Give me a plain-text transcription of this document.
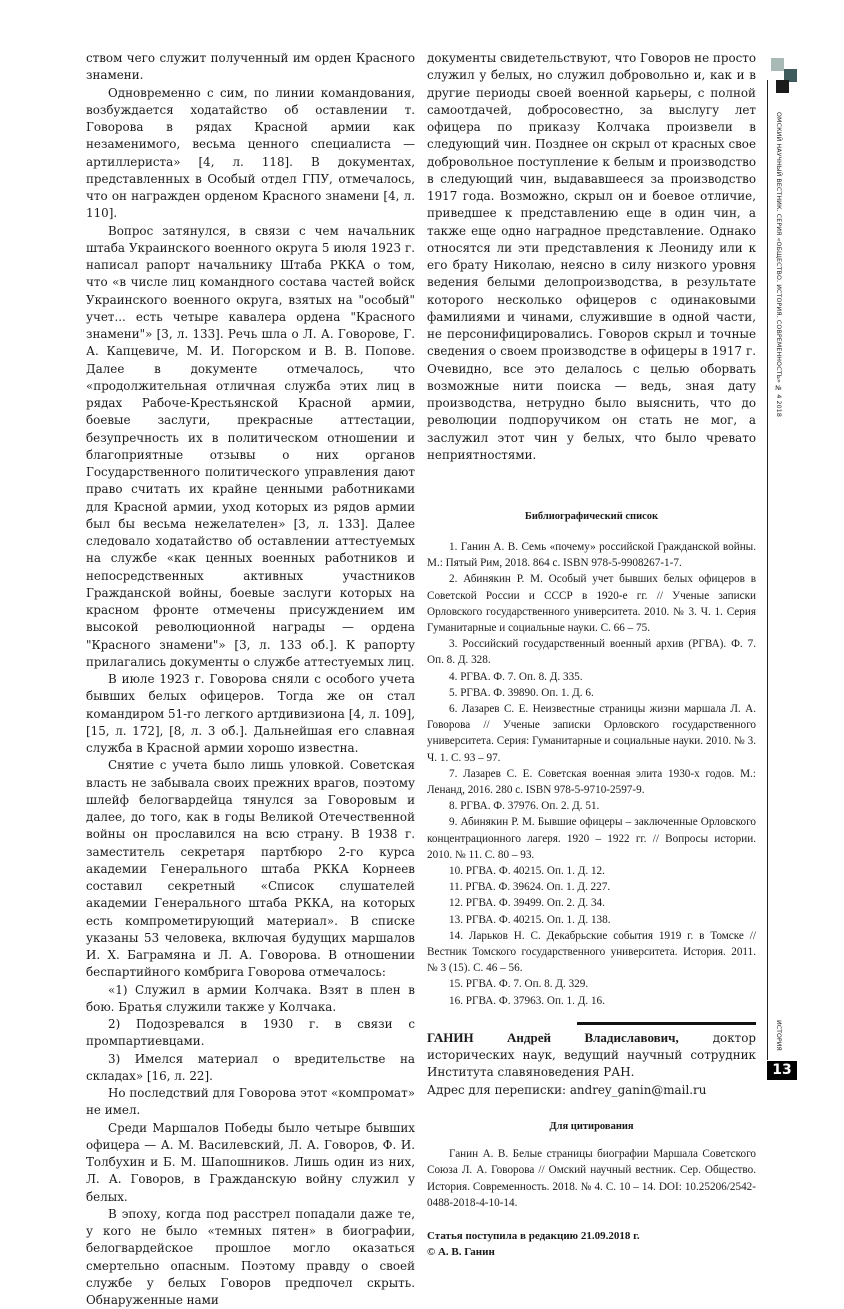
ством чего служит полученный им орден Красного знамени.

Одновременно с сим, по линии командования, возбуждается ходатайство об оставлении т. Говорова в рядах Красной армии как незаменимого, весьма ценного специалиста — артиллериста» [4, л. 118]. В документах, представленных в Особый отдел ГПУ, отмечалось, что он награжден орденом Красного знамени [4, л. 110].

Вопрос затянулся, в связи с чем начальник штаба Украинского военного округа 5 июля 1923 г. написал рапорт начальнику Штаба РККА о том, что «в числе лиц командного состава частей войск Украинского военного округа, взятых на "особый" учет... есть четыре кавалера ордена "Красного знамени"» [3, л. 133]. Речь шла о Л. А. Говорове, Г. А. Капцевиче, М. И. Погорском и В. В. Попове. Далее в документе отмечалось, что «продолжительная отличная служба этих лиц в рядах Рабоче-Крестьянской Красной армии, боевые заслуги, прекрасные аттестации, безупречность их в политическом отношении и благоприятные отзывы о них органов Государственного политического управления дают право считать их крайне ценными работниками для Красной армии, уход которых из рядов армии был бы весьма нежелателен» [3, л. 133]. Далее следовало ходатайство об оставлении аттестуемых на службе «как ценных военных работников и непосредственных активных участников Гражданской войны, боевые заслуги которых на красном фронте отмечены присуждением им высокой революционной награды — ордена "Красного знамени"» [3, л. 133 об.]. К рапорту прилагались документы о службе аттестуемых лиц.

В июле 1923 г. Говорова сняли с особого учета бывших белых офицеров. Тогда же он стал командиром 51-го легкого артдивизиона [4, л. 109], [15, л. 172], [8, л. 3 об.]. Дальнейшая его славная служба в Красной армии хорошо известна.

Снятие с учета было лишь уловкой. Советская власть не забывала своих прежних врагов, поэтому шлейф белогвардейца тянулся за Говоровым и далее, до того, как в годы Великой Отечественной войны он прославился на всю страну. В 1938 г. заместитель секретаря партбюро 2-го курса академии Генерального штаба РККА Корнеев составил секретный «Список слушателей академии Генерального штаба РККА, на которых есть компрометирующий материал». В списке указаны 53 человека, включая будущих маршалов И. Х. Баграмяна и Л. А. Говорова. В отношении беспартийного комбрига Говорова отмечалось:

«1) Служил в армии Колчака. Взят в плен в бою. Братья служили также у Колчака.

2) Подозревался в 1930 г. в связи с промпартиевцами.

3) Имелся материал о вредительстве на складах» [16, л. 22].

Но последствий для Говорова этот «компромат» не имел.

Среди Маршалов Победы было четыре бывших офицера — А. М. Василевский, Л. А. Говоров, Ф. И. Толбухин и Б. М. Шапошников. Лишь один из них, Л. А. Говоров, в Гражданскую войну служил у белых.

В эпоху, когда под расстрел попадали даже те, у кого не было «темных пятен» в биографии, белогвардейское прошлое могло оказаться смертельно опасным. Поэтому правду о своей службе у белых Говоров предпочел скрыть. Обнаруженные нами

документы свидетельствуют, что Говоров не просто служил у белых, но служил добровольно и, как и в другие периоды своей военной карьеры, с полной самоотдачей, добросовестно, за выслугу лет офицера по приказу Колчака произвели в следующий чин. Позднее он скрыл от красных свое добровольное поступление к белым и производство в следующий чин, выдававшееся за производство 1917 года. Возможно, скрыл он и боевое отличие, приведшее к представлению еще в один чин, а также еще одно наградное представление. Однако относятся ли эти представления к Леониду или к его брату Николаю, неясно в силу низкого уровня ведения белыми делопроизводства, в результате которого несколько офицеров с одинаковыми фамилиями и чинами, служившие в одной части, не персонифицировались. Говоров скрыл и точные сведения о своем производстве в офицеры в 1917 г. Очевидно, все это делалось с целью оборвать возможные нити поиска — ведь, зная дату производства, нетрудно было выяснить, что до революции подпоручиком он стать не мог, а заслужил этот чин у белых, что было чревато неприятностями.

Библиографический список

1. Ганин А. В. Семь «почему» российской Гражданской войны. М.: Пятый Рим, 2018. 864 с. ISBN 978-5-9908267-1-7.

2. Абинякин Р. М. Особый учет бывших белых офицеров в Советской России и СССР в 1920-е гг. // Ученые записки Орловского государственного университета. 2010. № 3. Ч. 1. Серия Гуманитарные и социальные науки. С. 66 – 75.

3. Российский государственный военный архив (РГВА). Ф. 7. Оп. 8. Д. 328.

4. РГВА. Ф. 7. Оп. 8. Д. 335.

5. РГВА. Ф. 39890. Оп. 1. Д. 6.

6. Лазарев С. Е. Неизвестные страницы жизни маршала Л. А. Говорова // Ученые записки Орловского государственного университета. Серия: Гуманитарные и социальные науки. 2010. № 3. Ч. 1. С. 93 – 97.

7. Лазарев С. Е. Советская военная элита 1930-х годов. М.: Ленанд, 2016. 280 с. ISBN 978-5-9710-2597-9.

8. РГВА. Ф. 37976. Оп. 2. Д. 51.

9. Абинякин Р. М. Бывшие офицеры – заключенные Орловского концентрационного лагеря. 1920 – 1922 гг. // Вопросы истории. 2010. № 11. С. 80 – 93.

10. РГВА. Ф. 40215. Оп. 1. Д. 12.

11. РГВА. Ф. 39624. Оп. 1. Д. 227.

12. РГВА. Ф. 39499. Оп. 2. Д. 34.

13. РГВА. Ф. 40215. Оп. 1. Д. 138.

14. Ларьков Н. С. Декабрьские события 1919 г. в Томске // Вестник Томского государственного университета. История. 2011. № 3 (15). С. 46 – 56.

15. РГВА. Ф. 7. Оп. 8. Д. 329.

16. РГВА. Ф. 37963. Оп. 1. Д. 16.

ГАНИН Андрей Владиславович, доктор исторических наук, ведущий научный сотрудник Института славяноведения РАН.

Адрес для переписки: andrey_ganin@mail.ru

Для цитирования

Ганин А. В. Белые страницы биографии Маршала Советского Союза Л. А. Говорова // Омский научный вестник. Сер. Общество. История. Современность. 2018. № 4. С. 10 – 14. DOI: 10.25206/2542-0488-2018-4-10-14.

Статья поступила в редакцию 21.09.2018 г.

© А. В. Ганин

ОМСКИЙ НАУЧНЫЙ ВЕСТНИК. СЕРИЯ «ОБЩЕСТВО. ИСТОРИЯ. СОВРЕМЕННОСТЬ» № 4 2018
ИСТОРИЯ
13
